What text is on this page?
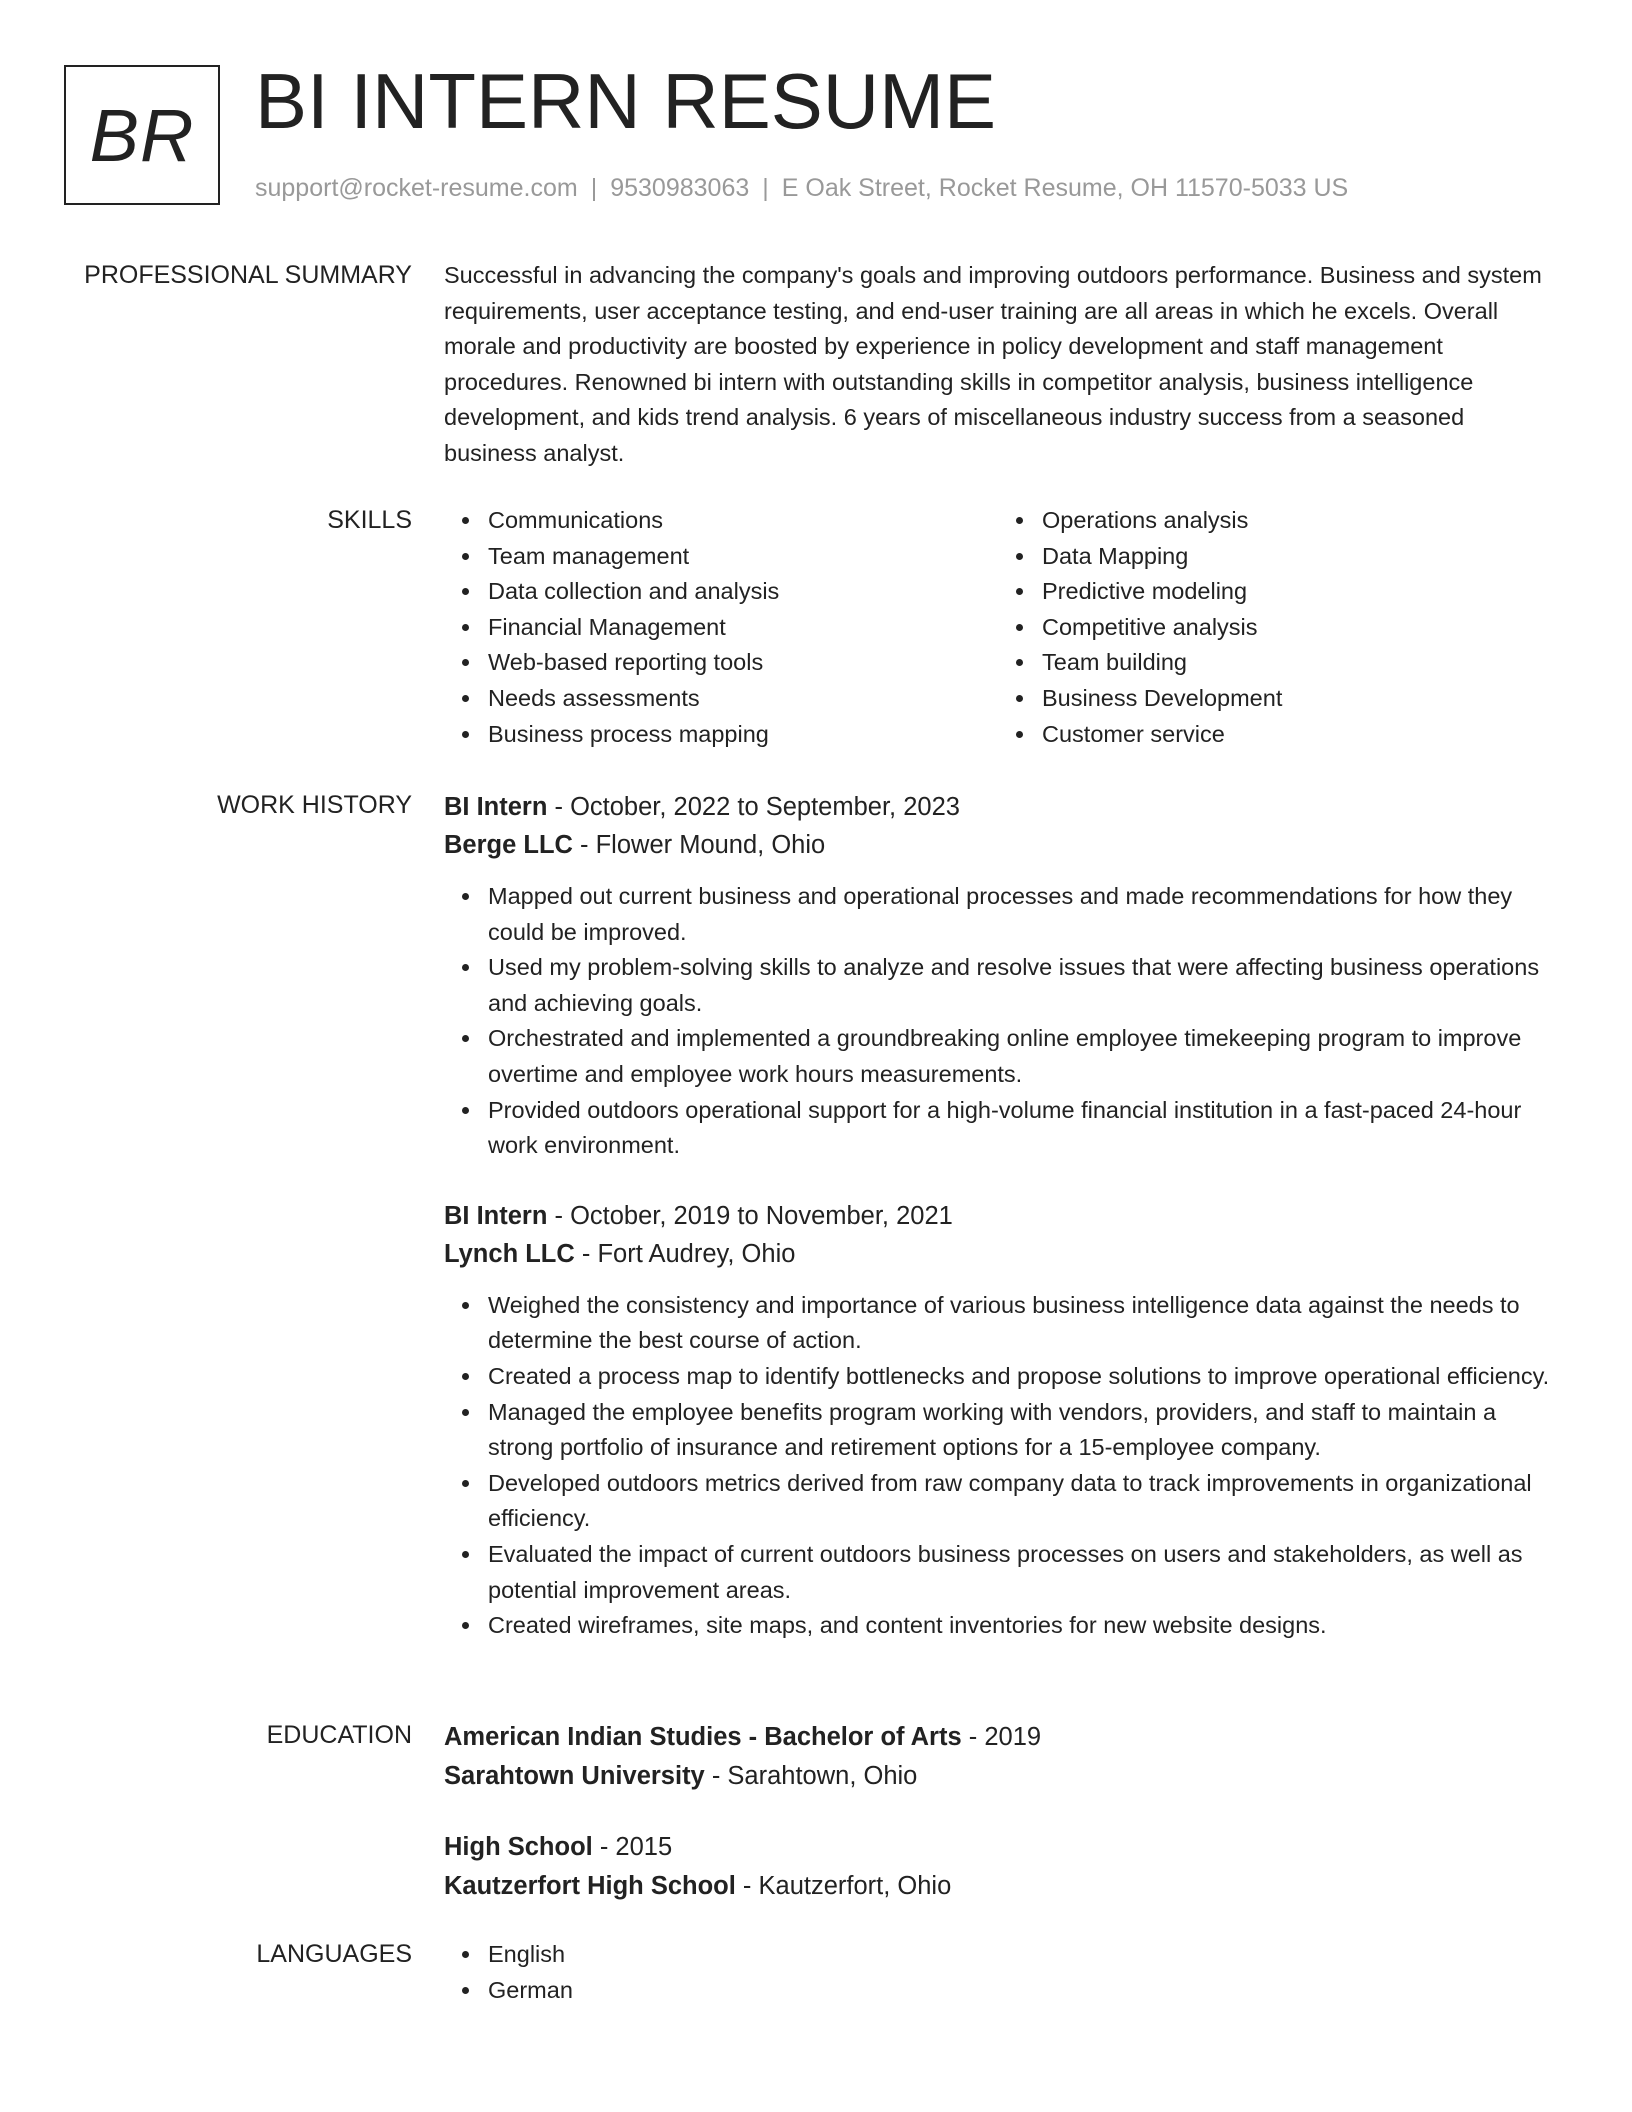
BR BI INTERN RESUME
support@rocket-resume.com | 9530983063 | E Oak Street, Rocket Resume, OH 11570-5033 US
PROFESSIONAL SUMMARY Successful in advancing the company's goals and improving outdoors performance. Business and system requirements, user acceptance testing, and end-user training are all areas in which he excels. Overall morale and productivity are boosted by experience in policy development and staff management procedures. Renowned bi intern with outstanding skills in competitor analysis, business intelligence development, and kids trend analysis. 6 years of miscellaneous industry success from a seasoned business analyst.

SKILLS	Communications
Team management
Data collection and analysis
Financial Management
Web-based reporting tools
Needs assessments
Business process mapping
Operations analysis
Data Mapping
Predictive modeling
Competitive analysis
Team building
Business Development
Customer service
WORK HISTORY BI Intern - October, 2022 to September, 2023
Berge LLC - Flower Mound, Ohio
Mapped out current business and operational processes and made recommendations for how they could be improved.
Used my problem-solving skills to analyze and resolve issues that were affecting business operations and achieving goals.
Orchestrated and implemented a groundbreaking online employee timekeeping program to improve overtime and employee work hours measurements.
Provided outdoors operational support for a high-volume financial institution in a fast-paced 24-hour work environment.
BI Intern - October, 2019 to November, 2021
Lynch LLC - Fort Audrey, Ohio
Weighed the consistency and importance of various business intelligence data against the needs to determine the best course of action.
Created a process map to identify bottlenecks and propose solutions to improve operational efficiency.
Managed the employee benefits program working with vendors, providers, and staff to maintain a strong portfolio of insurance and retirement options for a 15-employee company.
Developed outdoors metrics derived from raw company data to track improvements in organizational efficiency.
Evaluated the impact of current outdoors business processes on users and stakeholders, as well as potential improvement areas.
Created wireframes, site maps, and content inventories for new website designs.
EDUCATION American Indian Studies - Bachelor of Arts - 2019
Sarahtown University - Sarahtown, Ohio
High School - 2015
Kautzerfort High School - Kautzerfort, Ohio
LANGUAGES	English
German
